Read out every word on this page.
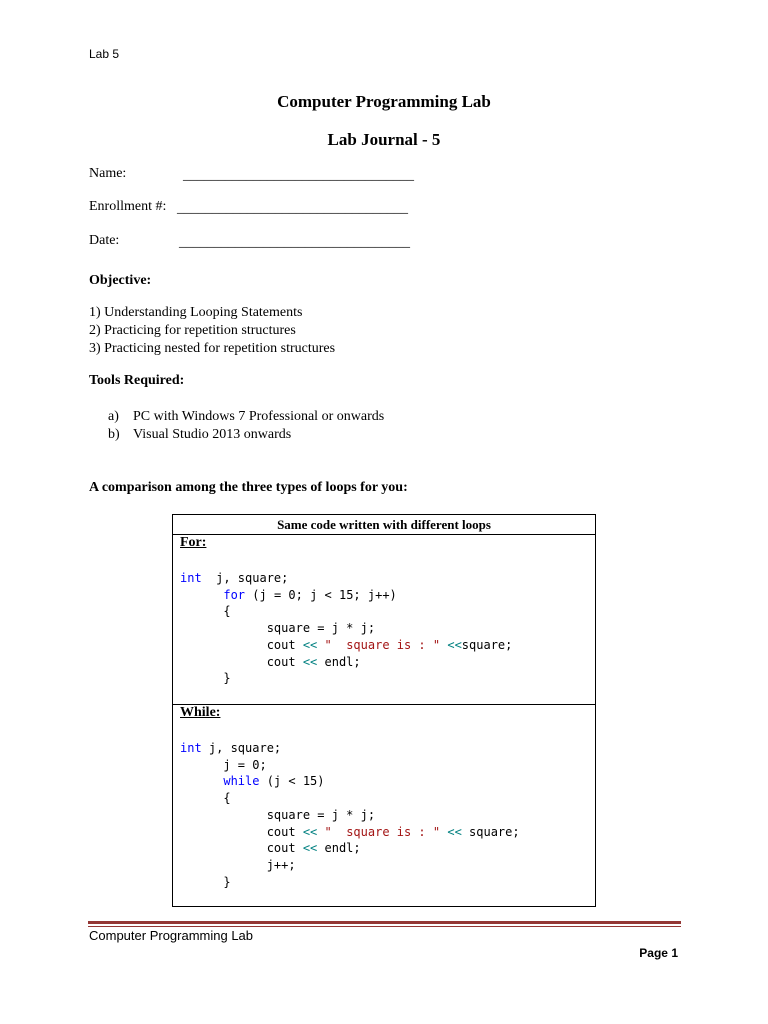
Lab 5
Computer Programming Lab
Lab Journal - 5
Name:	_________________________________
Enrollment #: _________________________________
Date:	_________________________________
Objective:
1) Understanding Looping Statements
2) Practicing for repetition structures
3) Practicing nested for repetition structures
Tools Required:
a)	PC with Windows 7 Professional or onwards
b) Visual Studio 2013 onwards
A comparison among the three types of loops for you:
Same code written with different loops
For:
int  j, square;
for (j = 0; j < 15; j++)
{
square = j * j;
cout << "  square is : " <<square;
cout << endl;
}
While:
int j, square;
j = 0;
while (j < 15)
{
square = j * j;
cout << "  square is : " << square;
cout << endl;
j++;
}
Computer Programming Lab
Page 1
